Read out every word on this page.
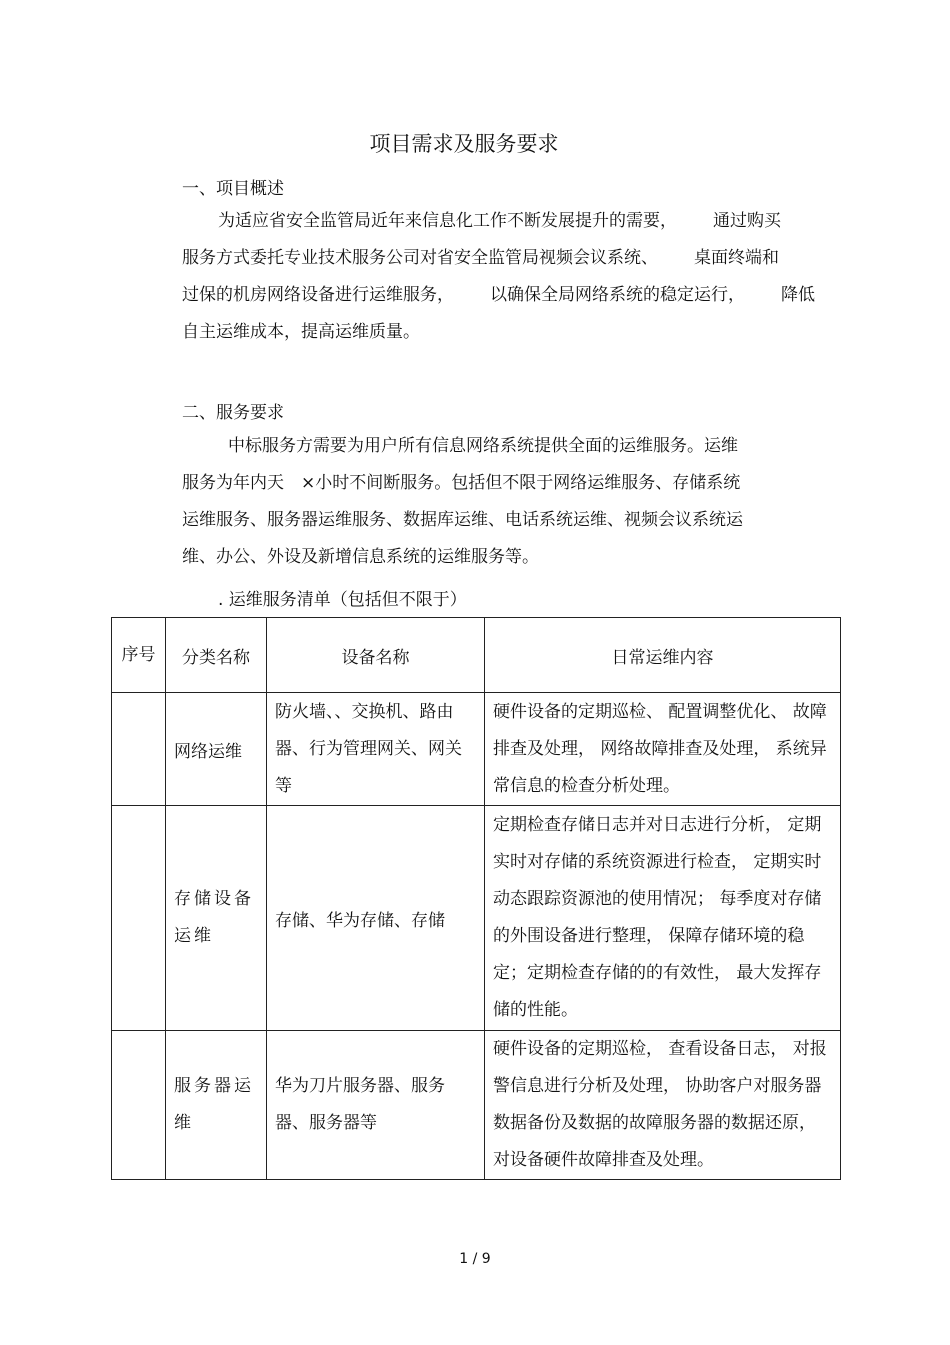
项目需求及服务要求
一、项目概述
为适应省安全监管局近年来信息化工作不断发展提升的需要， 通过购买
服务方式委托专业技术服务公司对省安全监管局视频会议系统、 桌面终端和
过保的机房网络设备进行运维服务， 以确保全局网络系统的稳定运行， 降低
自主运维成本，提高运维质量。
二、服务要求
中标服务方需要为用户所有信息网络系统提供全面的运维服务。运维
服务为年内天　×小时不间断服务。包括但不限于网络运维服务、存储系统
运维服务、服务器运维服务、数据库运维、电话系统运维、视频会议系统运
维、办公、外设及新增信息系统的运维服务等。
. 运维服务清单（包括但不限于）
序号	分类名称	设备名称	日常运维内容
	网络运维	防火墙、、交换机、路由器、行为管理网关、网关等	硬件设备的定期巡检、 配置调整优化、 故障排查及处理， 网络故障排查及处理， 系统异常信息的检查分析处理。
	存储设备运维	存储、华为存储、存储	定期检查存储日志并对日志进行分析， 定期实时对存储的系统资源进行检查， 定期实时动态跟踪资源池的使用情况； 每季度对存储的外围设备进行整理， 保障存储环境的稳定；定期检查存储的的有效性， 最大发挥存储的性能。
	服务器运维	华为刀片服务器、服务器、服务器等	硬件设备的定期巡检， 查看设备日志， 对报警信息进行分析及处理， 协助客户对服务器数据备份及数据的故障服务器的数据还原，对设备硬件故障排查及处理。
1 / 9
